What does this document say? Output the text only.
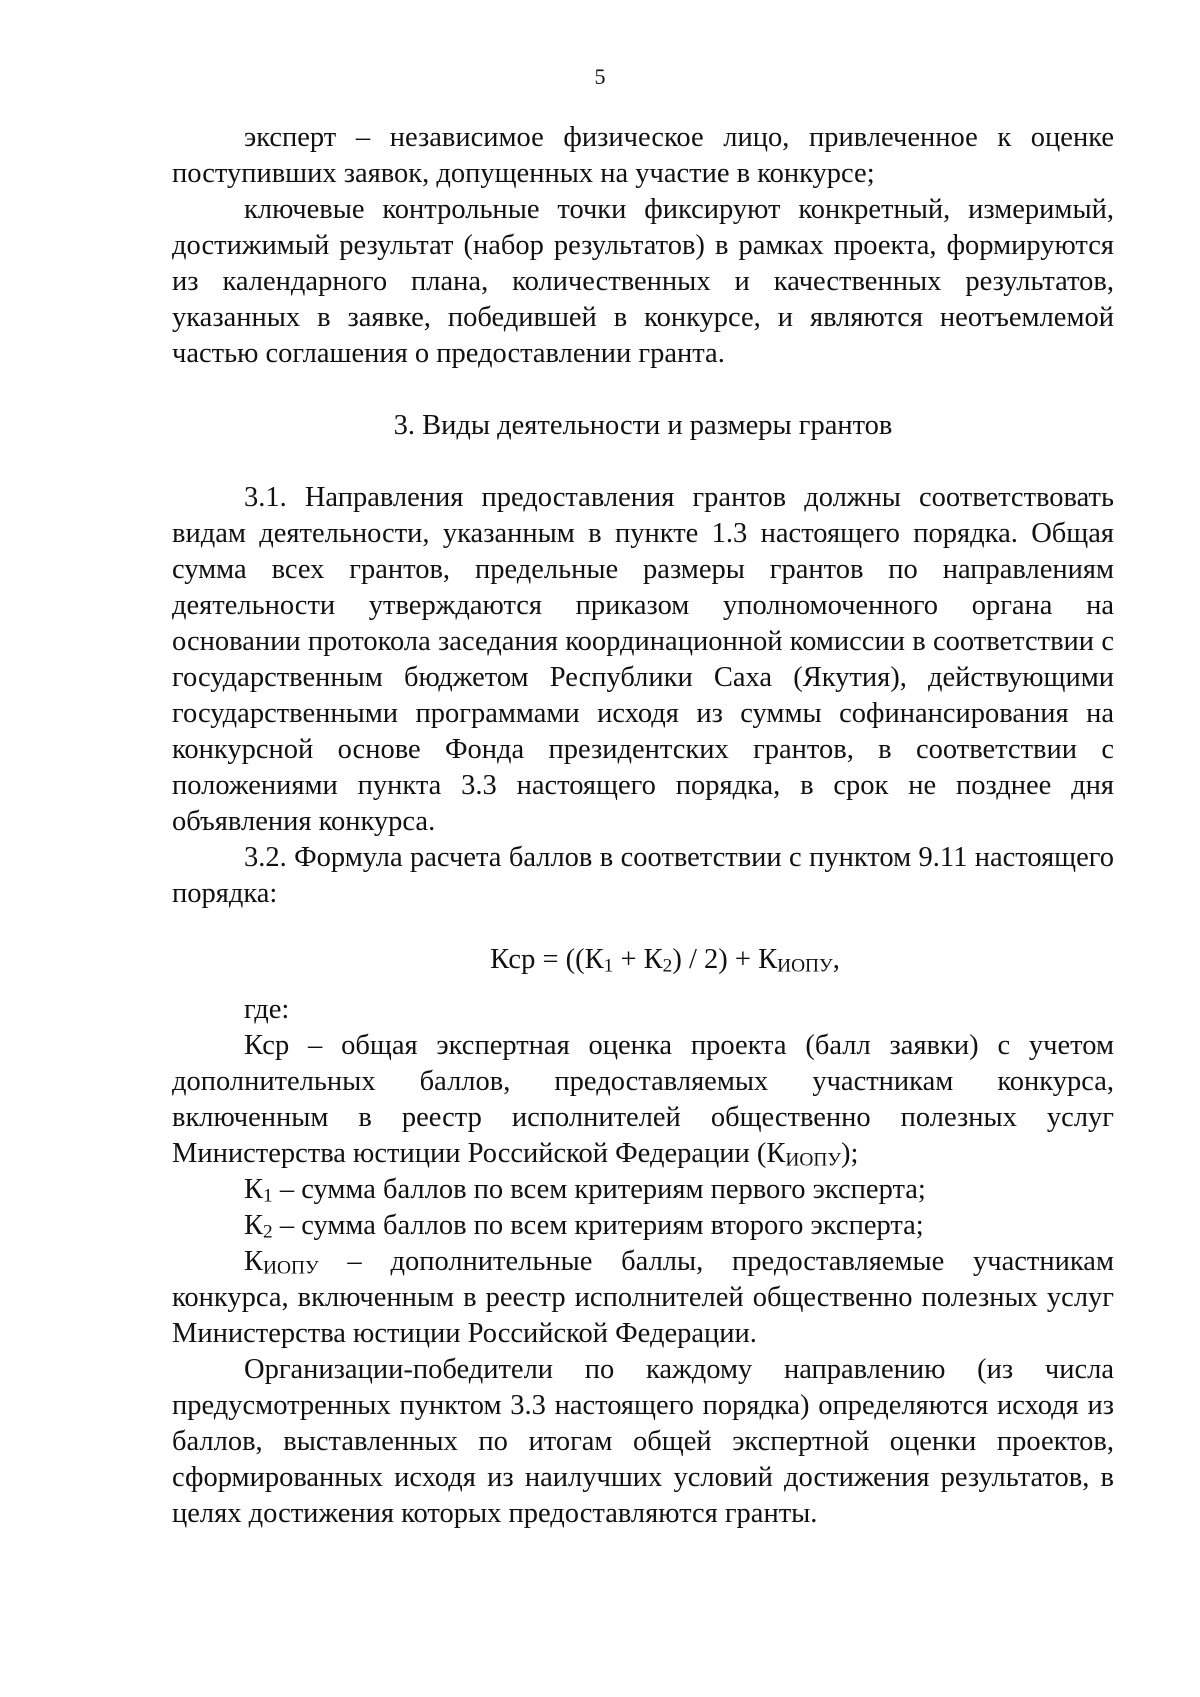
5

эксперт – независимое физическое лицо, привлеченное к оценке поступивших заявок, допущенных на участие в конкурсе;

ключевые контрольные точки фиксируют конкретный, измеримый, достижимый результат (набор результатов) в рамках проекта, формируются из календарного плана, количественных и качественных результатов, указанных в заявке, победившей в конкурсе, и являются неотъемлемой частью соглашения о предоставлении гранта.

3. Виды деятельности и размеры грантов

3.1. Направления предоставления грантов должны соответствовать видам деятельности, указанным в пункте 1.3 настоящего порядка. Общая сумма всех грантов, предельные размеры грантов по направлениям деятельности утверждаются приказом уполномоченного органа на основании протокола заседания координационной комиссии в соответствии с государственным бюджетом Республики Саха (Якутия), действующими государственными программами исходя из суммы софинансирования на конкурсной основе Фонда президентских грантов, в соответствии с положениями пункта 3.3 настоящего порядка, в срок не позднее дня объявления конкурса.

3.2. Формула расчета баллов в соответствии с пунктом 9.11 настоящего порядка:

Кср = ((К1 + К2) / 2) + КИОПУ,

где:

Кср – общая экспертная оценка проекта (балл заявки) с учетом дополнительных баллов, предоставляемых участникам конкурса, включенным в реестр исполнителей общественно полезных услуг Министерства юстиции Российской Федерации (КИОПУ);

К1 – сумма баллов по всем критериям первого эксперта;

К2 – сумма баллов по всем критериям второго эксперта;

КИОПУ – дополнительные баллы, предоставляемые участникам конкурса, включенным в реестр исполнителей общественно полезных услуг Министерства юстиции Российской Федерации.

Организации-победители по каждому направлению (из числа предусмотренных пунктом 3.3 настоящего порядка) определяются исходя из баллов, выставленных по итогам общей экспертной оценки проектов, сформированных исходя из наилучших условий достижения результатов, в целях достижения которых предоставляются гранты.
